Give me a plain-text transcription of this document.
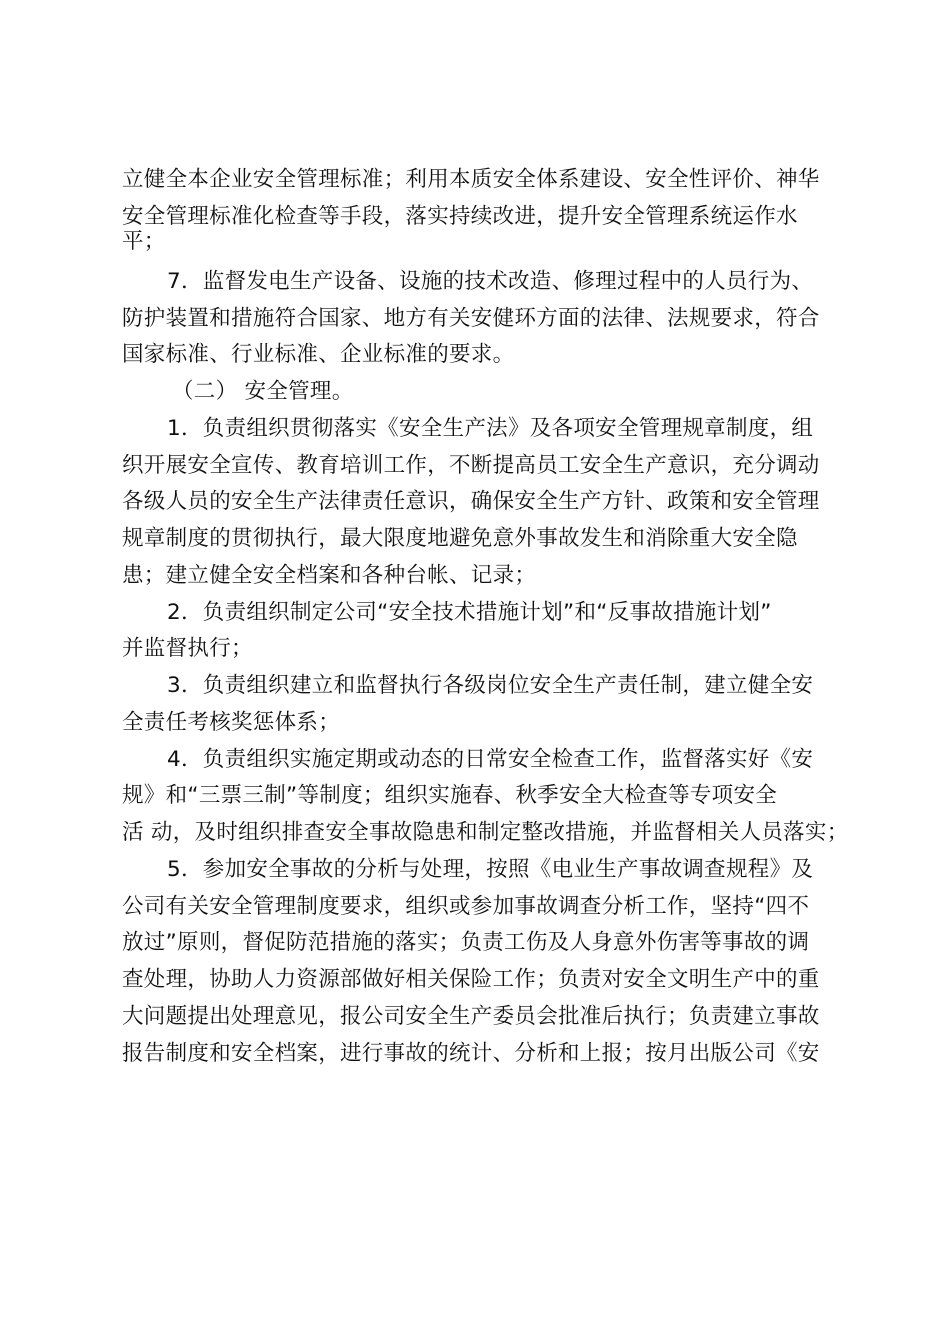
立健全本企业安全管理标准；利用本质安全体系建设、安全性评价、神华
安全管理标准化检查等手段，落实持续改进，提升安全管理系统运作水
平；
7．监督发电生产设备、设施的技术改造、修理过程中的人员行为、
防护装置和措施符合国家、地方有关安健环方面的法律、法规要求，符合
国家标准、行业标准、企业标准的要求。
（二） 安全管理。
1．负责组织贯彻落实《安全生产法》及各项安全管理规章制度，组
织开展安全宣传、教育培训工作，不断提高员工安全生产意识，充分调动
各级人员的安全生产法律责任意识，确保安全生产方针、政策和安全管理
规章制度的贯彻执行，最大限度地避免意外事故发生和消除重大安全隐
患；建立健全安全档案和各种台帐、记录；
2．负责组织制定公司“安全技术措施计划”和“反事故措施计划”
并监督执行；
3．负责组织建立和监督执行各级岗位安全生产责任制，建立健全安
全责任考核奖惩体系；
4．负责组织实施定期或动态的日常安全检查工作，监督落实好《安
规》和“三票三制”等制度；组织实施春、秋季安全大检查等专项安全
活 动，及时组织排查安全事故隐患和制定整改措施，并监督相关人员落实；
5．参加安全事故的分析与处理，按照《电业生产事故调查规程》及
公司有关安全管理制度要求，组织或参加事故调查分析工作，坚持“四不
放过”原则，督促防范措施的落实；负责工伤及人身意外伤害等事故的调
查处理，协助人力资源部做好相关保险工作；负责对安全文明生产中的重
大问题提出处理意见，报公司安全生产委员会批准后执行；负责建立事故
报告制度和安全档案，进行事故的统计、分析和上报；按月出版公司《安
